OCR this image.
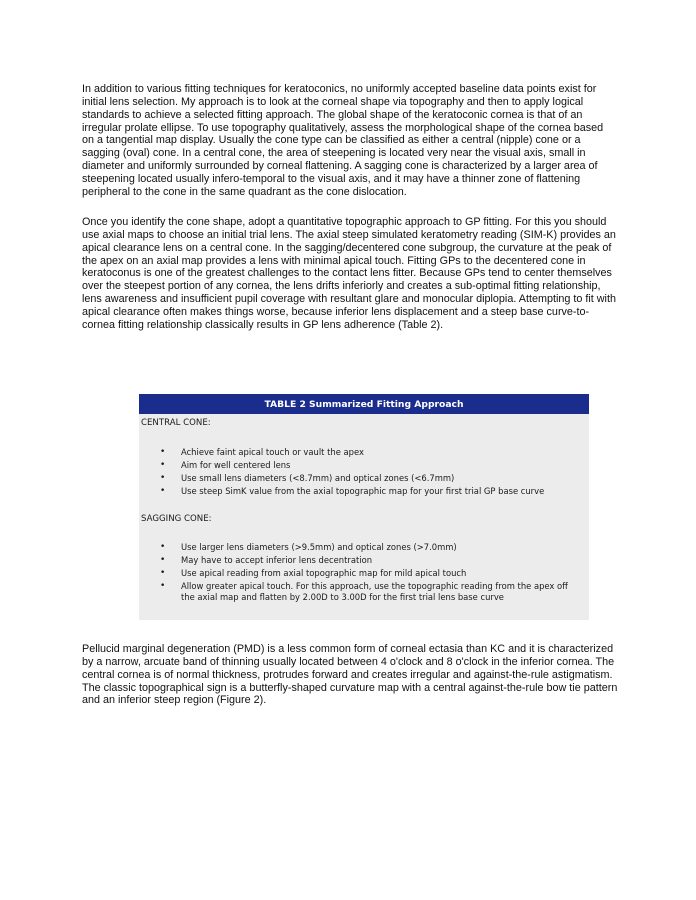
In addition to various fitting techniques for keratoconics, no uniformly accepted baseline data points exist for initial lens selection. My approach is to look at the corneal shape via topography and then to apply logical standards to achieve a selected fitting approach. The global shape of the keratoconic cornea is that of an irregular prolate ellipse. To use topography qualitatively, assess the morphological shape of the cornea based on a tangential map display. Usually the cone type can be classified as either a central (nipple) cone or a sagging (oval) cone. In a central cone, the area of steepening is located very near the visual axis, small in diameter and uniformly surrounded by corneal flattening. A sagging cone is characterized by a larger area of steepening located usually infero-temporal to the visual axis, and it may have a thinner zone of flattening peripheral to the cone in the same quadrant as the cone dislocation.

Once you identify the cone shape, adopt a quantitative topographic approach to GP fitting. For this you should use axial maps to choose an initial trial lens. The axial steep simulated keratometry reading (SIM-K) provides an apical clearance lens on a central cone. In the sagging/decentered cone subgroup, the curvature at the peak of the apex on an axial map provides a lens with minimal apical touch. Fitting GPs to the decentered cone in keratoconus is one of the greatest challenges to the contact lens fitter. Because GPs tend to center themselves over the steepest portion of any cornea, the lens drifts inferiorly and creates a sub-optimal fitting relationship, lens awareness and insufficient pupil coverage with resultant glare and monocular diplopia. Attempting to fit with apical clearance often makes things worse, because inferior lens displacement and a steep base curve-to-cornea fitting relationship classically results in GP lens adherence (Table 2).

TABLE 2 Summarized Fitting Approach
CENTRAL CONE:
• Achieve faint apical touch or vault the apex
• Aim for well centered lens
• Use small lens diameters (<8.7mm) and optical zones (<6.7mm)
• Use steep SimK value from the axial topographic map for your first trial GP base curve
SAGGING CONE:
• Use larger lens diameters (>9.5mm) and optical zones (>7.0mm)
• May have to accept inferior lens decentration
• Use apical reading from axial topographic map for mild apical touch
• Allow greater apical touch. For this approach, use the topographic reading from the apex off the axial map and flatten by 2.00D to 3.00D for the first trial lens base curve

Pellucid marginal degeneration (PMD) is a less common form of corneal ectasia than KC and it is characterized by a narrow, arcuate band of thinning usually located between 4 o'clock and 8 o'clock in the inferior cornea. The central cornea is of normal thickness, protrudes forward and creates irregular and against-the-rule astigmatism. The classic topographical sign is a butterfly-shaped curvature map with a central against-the-rule bow tie pattern and an inferior steep region (Figure 2).
